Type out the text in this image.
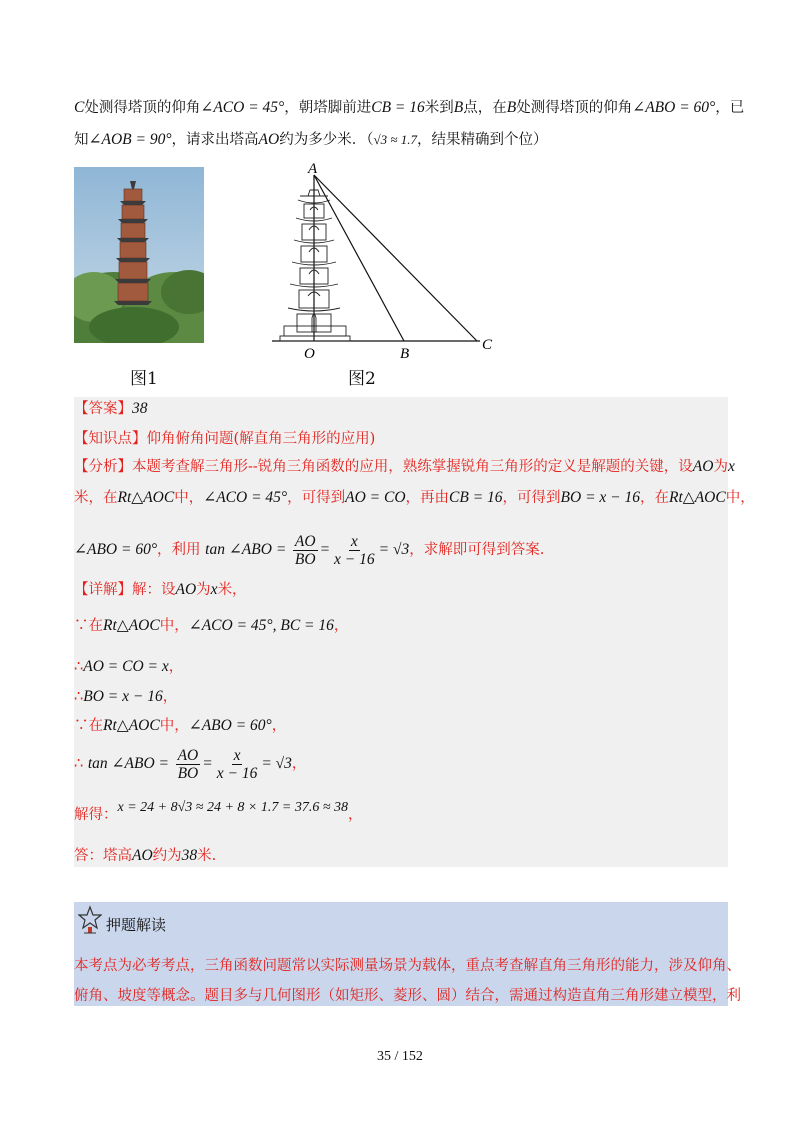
C处测得塔顶的仰角∠ACO = 45°，朝塔脚前进CB = 16米到B点，在B处测得塔顶的仰角∠ABO = 60°，已
知∠AOB = 90°，请求出塔高AO约为多少米．（√3 ≈ 1.7，结果精确到个位）
A
O	B
C
图1	图2
【答案】38
【知识点】仰角俯角问题(解直角三角形的应用)
【分析】本题考查解三角形--锐角三角函数的应用，熟练掌握锐角三角形的定义是解题的关键，设AO为x
米，在Rt△AOC中，∠ACO = 45°，可得到AO = CO，再由CB = 16，可得到BO = x − 16，在Rt△AOC中，
∠ABO = 60°，利用 tan ∠ABO = $\frac{AO}{BO} = \frac{x}{x - 16} = √3$，求解即可得到答案.
【详解】解：设AO为x米，
∵在Rt△AOC中，∠ACO = 45°, BC = 16，
∴AO = CO = x，
∴BO = x − 16，
∵在Rt△AOC中，∠ABO = 60°，
∴ tan ∠ABO = $\frac{AO}{BO} = \frac{x}{x - 16} = √3$，
解得：x = 24 + 8√3 ≈ 24 + 8 × 1.7 = 37.6 ≈ 38，
答：塔高AO约为38米.
押题解读
本考点为必考考点，三角函数问题常以实际测量场景为载体，重点考查解直角三角形的能力，涉及仰角、
俯角、坡度等概念。题目多与几何图形（如矩形、菱形、圆）结合，需通过构造直角三角形建立模型，利
35 / 152
